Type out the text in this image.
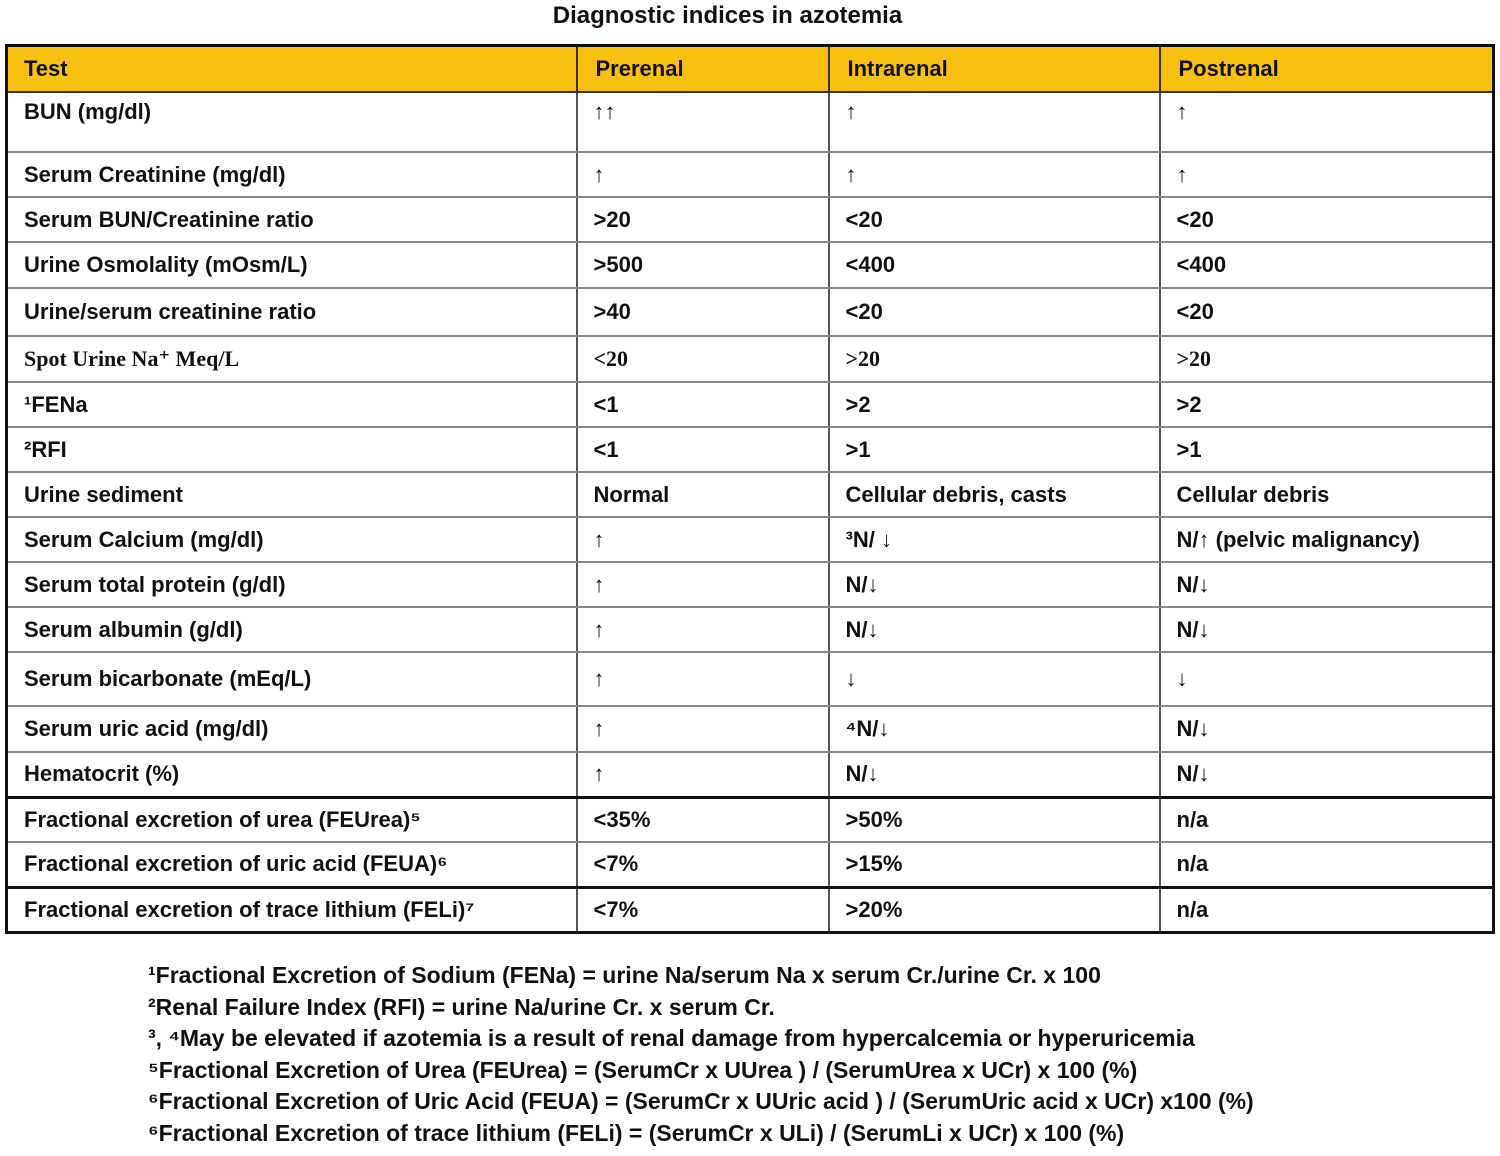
Diagnostic indices in azotemia
Test	Prerenal	Intrarenal	Postrenal
BUN (mg/dl)	↑↑	↑	↑
Serum Creatinine (mg/dl)	↑	↑	↑
Serum BUN/Creatinine ratio	>20	<20	<20
Urine Osmolality (mOsm/L)	>500	<400	<400
Urine/serum creatinine ratio	>40	<20	<20
Spot Urine Na⁺ Meq/L	<20	>20	>20
¹FENa	<1	>2	>2
²RFI	<1	>1	>1
Urine sediment	Normal	Cellular debris, casts	Cellular debris
Serum Calcium (mg/dl)	↑	³N/ ↓	N/↑ (pelvic malignancy)
Serum total protein (g/dl)	↑	N/↓	N/↓
Serum albumin (g/dl)	↑	N/↓	N/↓
Serum bicarbonate (mEq/L)	↑	↓	↓
Serum uric acid (mg/dl)	↑	⁴N/↓	N/↓
Hematocrit (%)	↑	N/↓	N/↓
Fractional excretion of urea (FEUrea)⁵	<35%	>50%	n/a
Fractional excretion of uric acid (FEUA)⁶	<7%	>15%	n/a
Fractional excretion of trace lithium (FELi)⁷	<7%	>20%	n/a
¹Fractional Excretion of Sodium (FENa) = urine Na/serum Na x serum Cr./urine Cr. x 100
²Renal Failure Index (RFI) = urine Na/urine Cr. x serum Cr.
³, ⁴May be elevated if azotemia is a result of renal damage from hypercalcemia or hyperuricemia
⁵Fractional Excretion of Urea (FEUrea) = (SerumCr x UUrea ) / (SerumUrea x UCr) x 100 (%)
⁶Fractional Excretion of Uric Acid (FEUA) = (SerumCr x UUric acid ) / (SerumUric acid x UCr) x100 (%)
⁶Fractional Excretion of trace lithium (FELi) = (SerumCr x ULi) / (SerumLi x UCr) x 100 (%)
